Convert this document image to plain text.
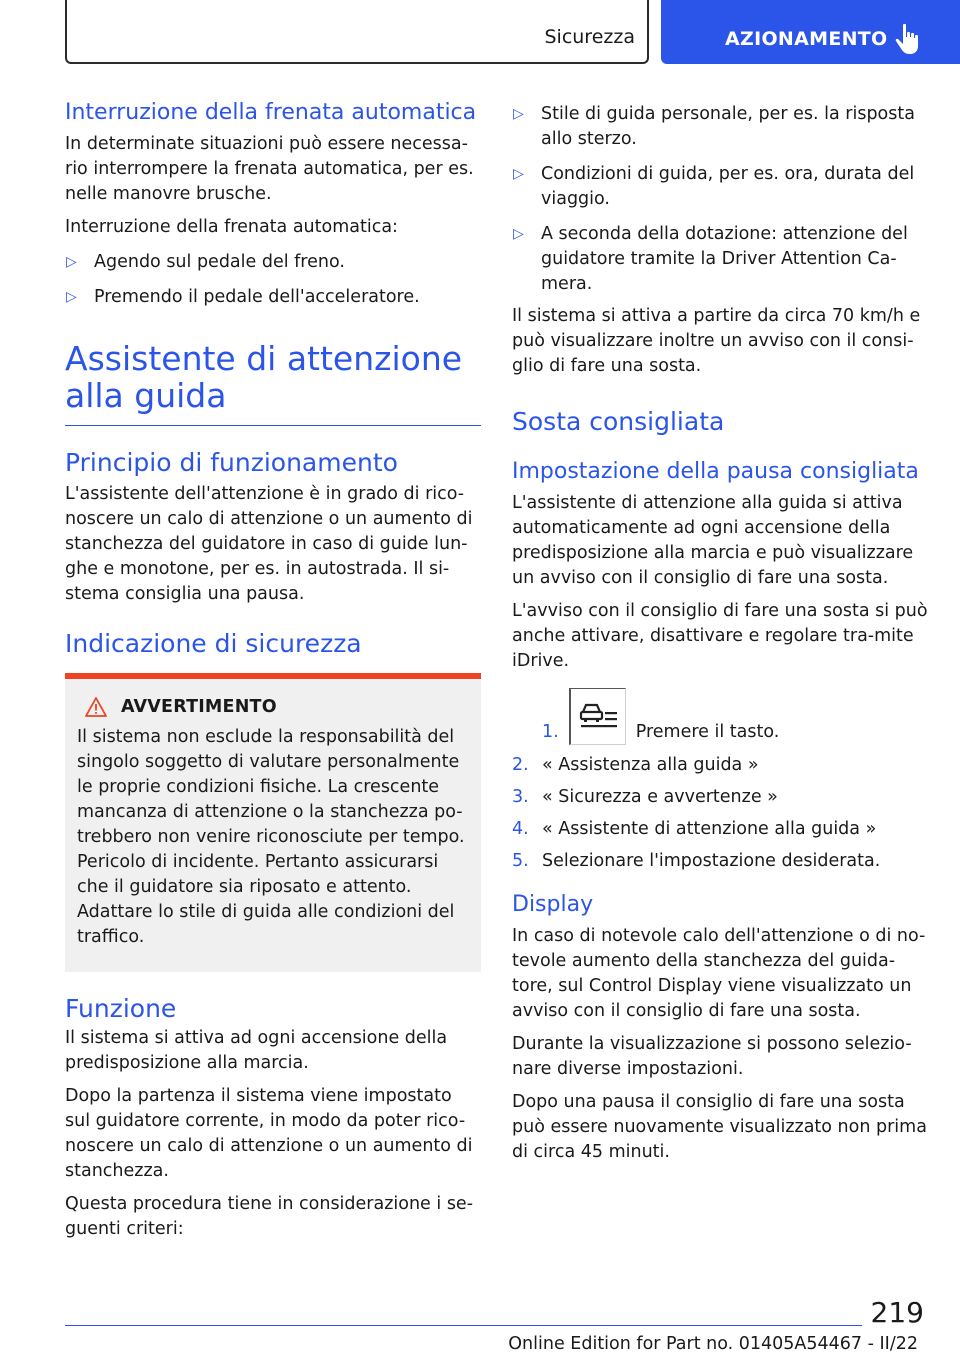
Sicurezza	AZIONAMENTO
Interruzione della frenata automatica

In determinate situazioni può essere necessa-rio interrompere la frenata automatica, per es. nelle manovre brusche.

Interruzione della frenata automatica:

▷ Agendo sul pedale del freno.
▷ Premendo il pedale dell'acceleratore.
Assistente di attenzione alla guida
Principio di funzionamento

L'assistente dell'attenzione è in grado di rico-noscere un calo di attenzione o un aumento di stanchezza del guidatore in caso di guide lun-ghe e monotone, per es. in autostrada. Il si-stema consiglia una pausa.

Indicazione di sicurezza
AVVERTIMENTO

Il sistema non esclude la responsabilità del singolo soggetto di valutare personalmente le proprie condizioni fisiche. La crescente mancanza di attenzione o la stanchezza po-trebbero non venire riconosciute per tempo. Pericolo di incidente. Pertanto assicurarsi che il guidatore sia riposato e attento. Adattare lo stile di guida alle condizioni del traffico.

Funzione

Il sistema si attiva ad ogni accensione della predisposizione alla marcia.

Dopo la partenza il sistema viene impostato sul guidatore corrente, in modo da poter rico-noscere un calo di attenzione o un aumento di stanchezza.

Questa procedura tiene in considerazione i se-guenti criteri:

▷ Stile di guida personale, per es. la risposta allo sterzo.
▷ Condizioni di guida, per es. ora, durata del viaggio.
▷ A seconda della dotazione: attenzione del guidatore tramite la Driver Attention Ca-mera.

Il sistema si attiva a partire da circa 70 km/h e può visualizzare inoltre un avviso con il consi-glio di fare una sosta.

Sosta consigliata
Impostazione della pausa consigliata

L'assistente di attenzione alla guida si attiva automaticamente ad ogni accensione della predisposizione alla marcia e può visualizzare un avviso con il consiglio di fare una sosta.

L'avviso con il consiglio di fare una sosta si può anche attivare, disattivare e regolare tra-mite iDrive.

1.	Premere il tasto.
2. « Assistenza alla guida »
3. « Sicurezza e avvertenze »
4. « Assistente di attenzione alla guida »
5. Selezionare l'impostazione desiderata.
Display

In caso di notevole calo dell'attenzione o di no-tevole aumento della stanchezza del guida-tore, sul Control Display viene visualizzato un avviso con il consiglio di fare una sosta.

Durante la visualizzazione si possono selezio-nare diverse impostazioni.

Dopo una pausa il consiglio di fare una sosta può essere nuovamente visualizzato non prima di circa 45 minuti.

219
Online Edition for Part no. 01405A54467 - II/22
